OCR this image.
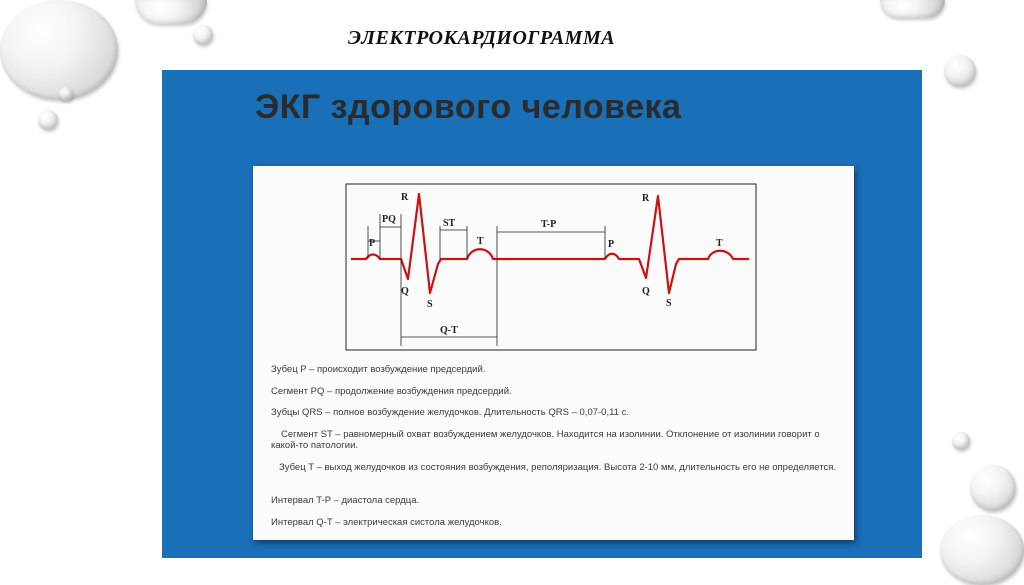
ЭЛЕКТРОКАРДИОГРАММА
ЭКГ здорового человека
P
PQ
R
Q
S
ST
T
T-P
P
R
Q
S
T
Q-T
Зубец P – происходит возбуждение предсердий.
Сегмент PQ – продолжение возбуждения предсердий.
Зубцы QRS – полное возбуждение желудочков. Длительность QRS – 0,07-0,11 с.
Сегмент ST – равномерный охват возбуждением желудочков. Находится на изолинии. Отклонение от изолинии говорит о какой-то патологии.
Зубец T – выход желудочков из состояния возбуждения, реполяризация. Высота 2-10 мм, длительность его не определяется.
Интервал T-P – диастола сердца.
Интервал Q-T – электрическая систола желудочков.
